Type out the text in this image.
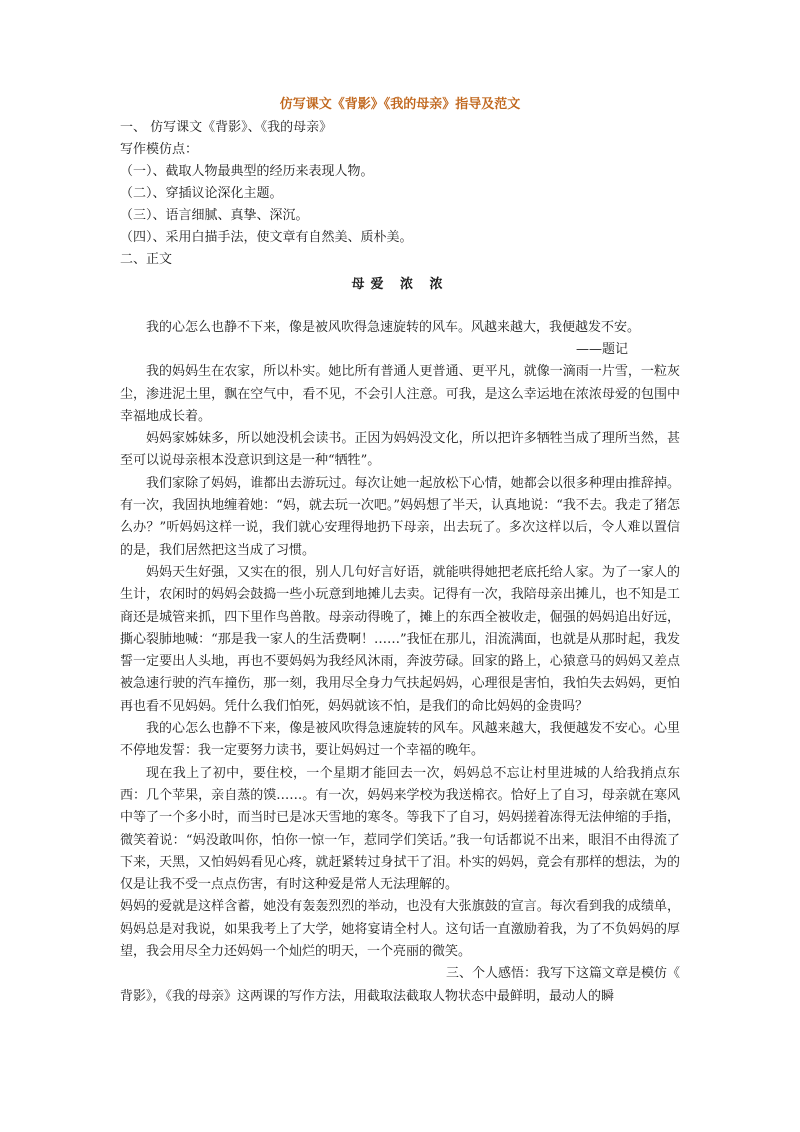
仿写课文《背影》《我的母亲》指导及范文

一、 仿写课文《背影》、《我的母亲》

写作模仿点：

（一）、截取人物最典型的经历来表现人物。

（二）、穿插议论深化主题。

（三）、语言细腻、真挚、深沉。

（四）、采用白描手法，使文章有自然美、质朴美。

二、正文

母爱 浓 浓

我的心怎么也静不下来，像是被风吹得急速旋转的风车。风越来越大，我便越发不安。

——题记

我的妈妈生在农家，所以朴实。她比所有普通人更普通、更平凡，就像一滴雨一片雪，一粒灰尘，渗进泥土里，飘在空气中，看不见，不会引人注意。可我，是这么幸运地在浓浓母爱的包围中幸福地成长着。

妈妈家姊妹多，所以她没机会读书。正因为妈妈没文化，所以把许多牺牲当成了理所当然，甚至可以说母亲根本没意识到这是一种“牺牲”。

我们家除了妈妈，谁都出去游玩过。每次让她一起放松下心情，她都会以很多种理由推辞掉。有一次，我固执地缠着她：“妈，就去玩一次吧。”妈妈想了半天，认真地说：“我不去。我走了猪怎么办？”听妈妈这样一说，我们就心安理得地扔下母亲，出去玩了。多次这样以后，令人难以置信的是，我们居然把这当成了习惯。

妈妈天生好强，又实在的很，别人几句好言好语，就能哄得她把老底托给人家。为了一家人的生计，农闲时的妈妈会鼓捣一些小玩意到地摊儿去卖。记得有一次，我陪母亲出摊儿，也不知是工商还是城管来抓，四下里作鸟兽散。母亲动得晚了，摊上的东西全被收走，倔强的妈妈追出好远，撕心裂肺地喊：“那是我一家人的生活费啊！……”我怔在那儿，泪流满面，也就是从那时起，我发誓一定要出人头地，再也不要妈妈为我经风沐雨，奔波劳碌。回家的路上，心猿意马的妈妈又差点被急速行驶的汽车撞伤，那一刻，我用尽全身力气扶起妈妈，心理很是害怕，我怕失去妈妈，更怕再也看不见妈妈。凭什么我们怕死，妈妈就该不怕，是我们的命比妈妈的金贵吗？

我的心怎么也静不下来，像是被风吹得急速旋转的风车。风越来越大，我便越发不安心。心里不停地发誓：我一定要努力读书，要让妈妈过一个幸福的晚年。

现在我上了初中，要住校，一个星期才能回去一次，妈妈总不忘让村里进城的人给我捎点东西：几个苹果，亲自蒸的馍……。有一次，妈妈来学校为我送棉衣。恰好上了自习，母亲就在寒风中等了一个多小时，而当时已是冰天雪地的寒冬。等我下了自习，妈妈搓着冻得无法伸缩的手指，微笑着说：“妈没敢叫你，怕你一惊一乍，惹同学们笑话。”我一句话都说不出来，眼泪不由得流了下来，天黑，又怕妈妈看见心疼，就赶紧转过身拭干了泪。朴实的妈妈，竟会有那样的想法，为的仅是让我不受一点点伤害，有时这种爱是常人无法理解的。

妈妈的爱就是这样含蓄，她没有轰轰烈烈的举动，也没有大张旗鼓的宣言。每次看到我的成绩单，妈妈总是对我说，如果我考上了大学，她将宴请全村人。这句话一直激励着我，为了不负妈妈的厚望，我会用尽全力还妈妈一个灿烂的明天，一个亮丽的微笑。

三、个人感悟：我写下这篇文章是模仿《

背影》，《我的母亲》这两课的写作方法，用截取法截取人物状态中最鲜明，最动人的瞬
